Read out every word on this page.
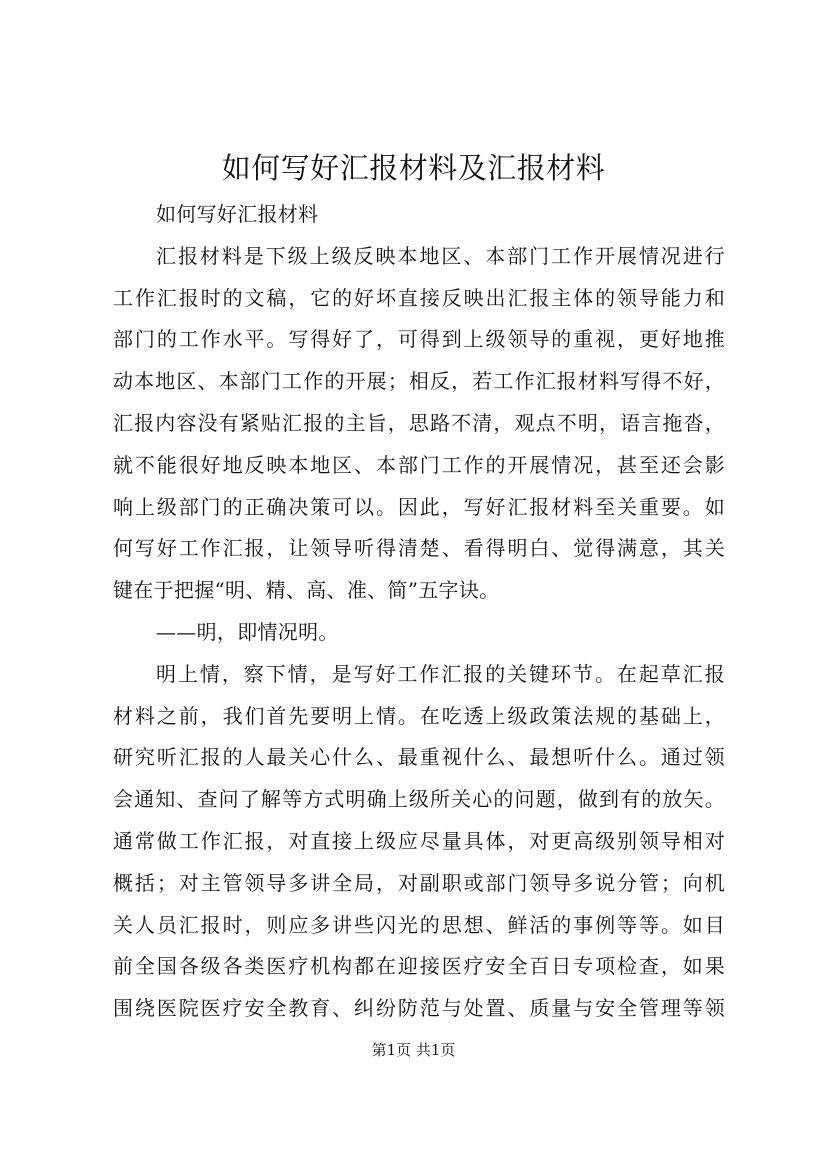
如何写好汇报材料及汇报材料
如何写好汇报材料
汇报材料是下级上级反映本地区、本部门工作开展情况进行
工作汇报时的文稿，它的好坏直接反映出汇报主体的领导能力和
部门的工作水平。写得好了，可得到上级领导的重视，更好地推
动本地区、本部门工作的开展；相反，若工作汇报材料写得不好，
汇报内容没有紧贴汇报的主旨，思路不清，观点不明，语言拖沓，
就不能很好地反映本地区、本部门工作的开展情况，甚至还会影
响上级部门的正确决策可以。因此，写好汇报材料至关重要。如
何写好工作汇报，让领导听得清楚、看得明白、觉得满意，其关
键在于把握“明、精、高、准、简”五字诀。
——明，即情况明。
明上情，察下情，是写好工作汇报的关键环节。在起草汇报
材料之前，我们首先要明上情。在吃透上级政策法规的基础上，
研究听汇报的人最关心什么、最重视什么、最想听什么。通过领
会通知、查问了解等方式明确上级所关心的问题，做到有的放矢。
通常做工作汇报，对直接上级应尽量具体，对更高级别领导相对
概括；对主管领导多讲全局，对副职或部门领导多说分管；向机
关人员汇报时，则应多讲些闪光的思想、鲜活的事例等等。如目
前全国各级各类医疗机构都在迎接医疗安全百日专项检查，如果
围绕医院医疗安全教育、纠纷防范与处置、质量与安全管理等领
第1页 共1页
